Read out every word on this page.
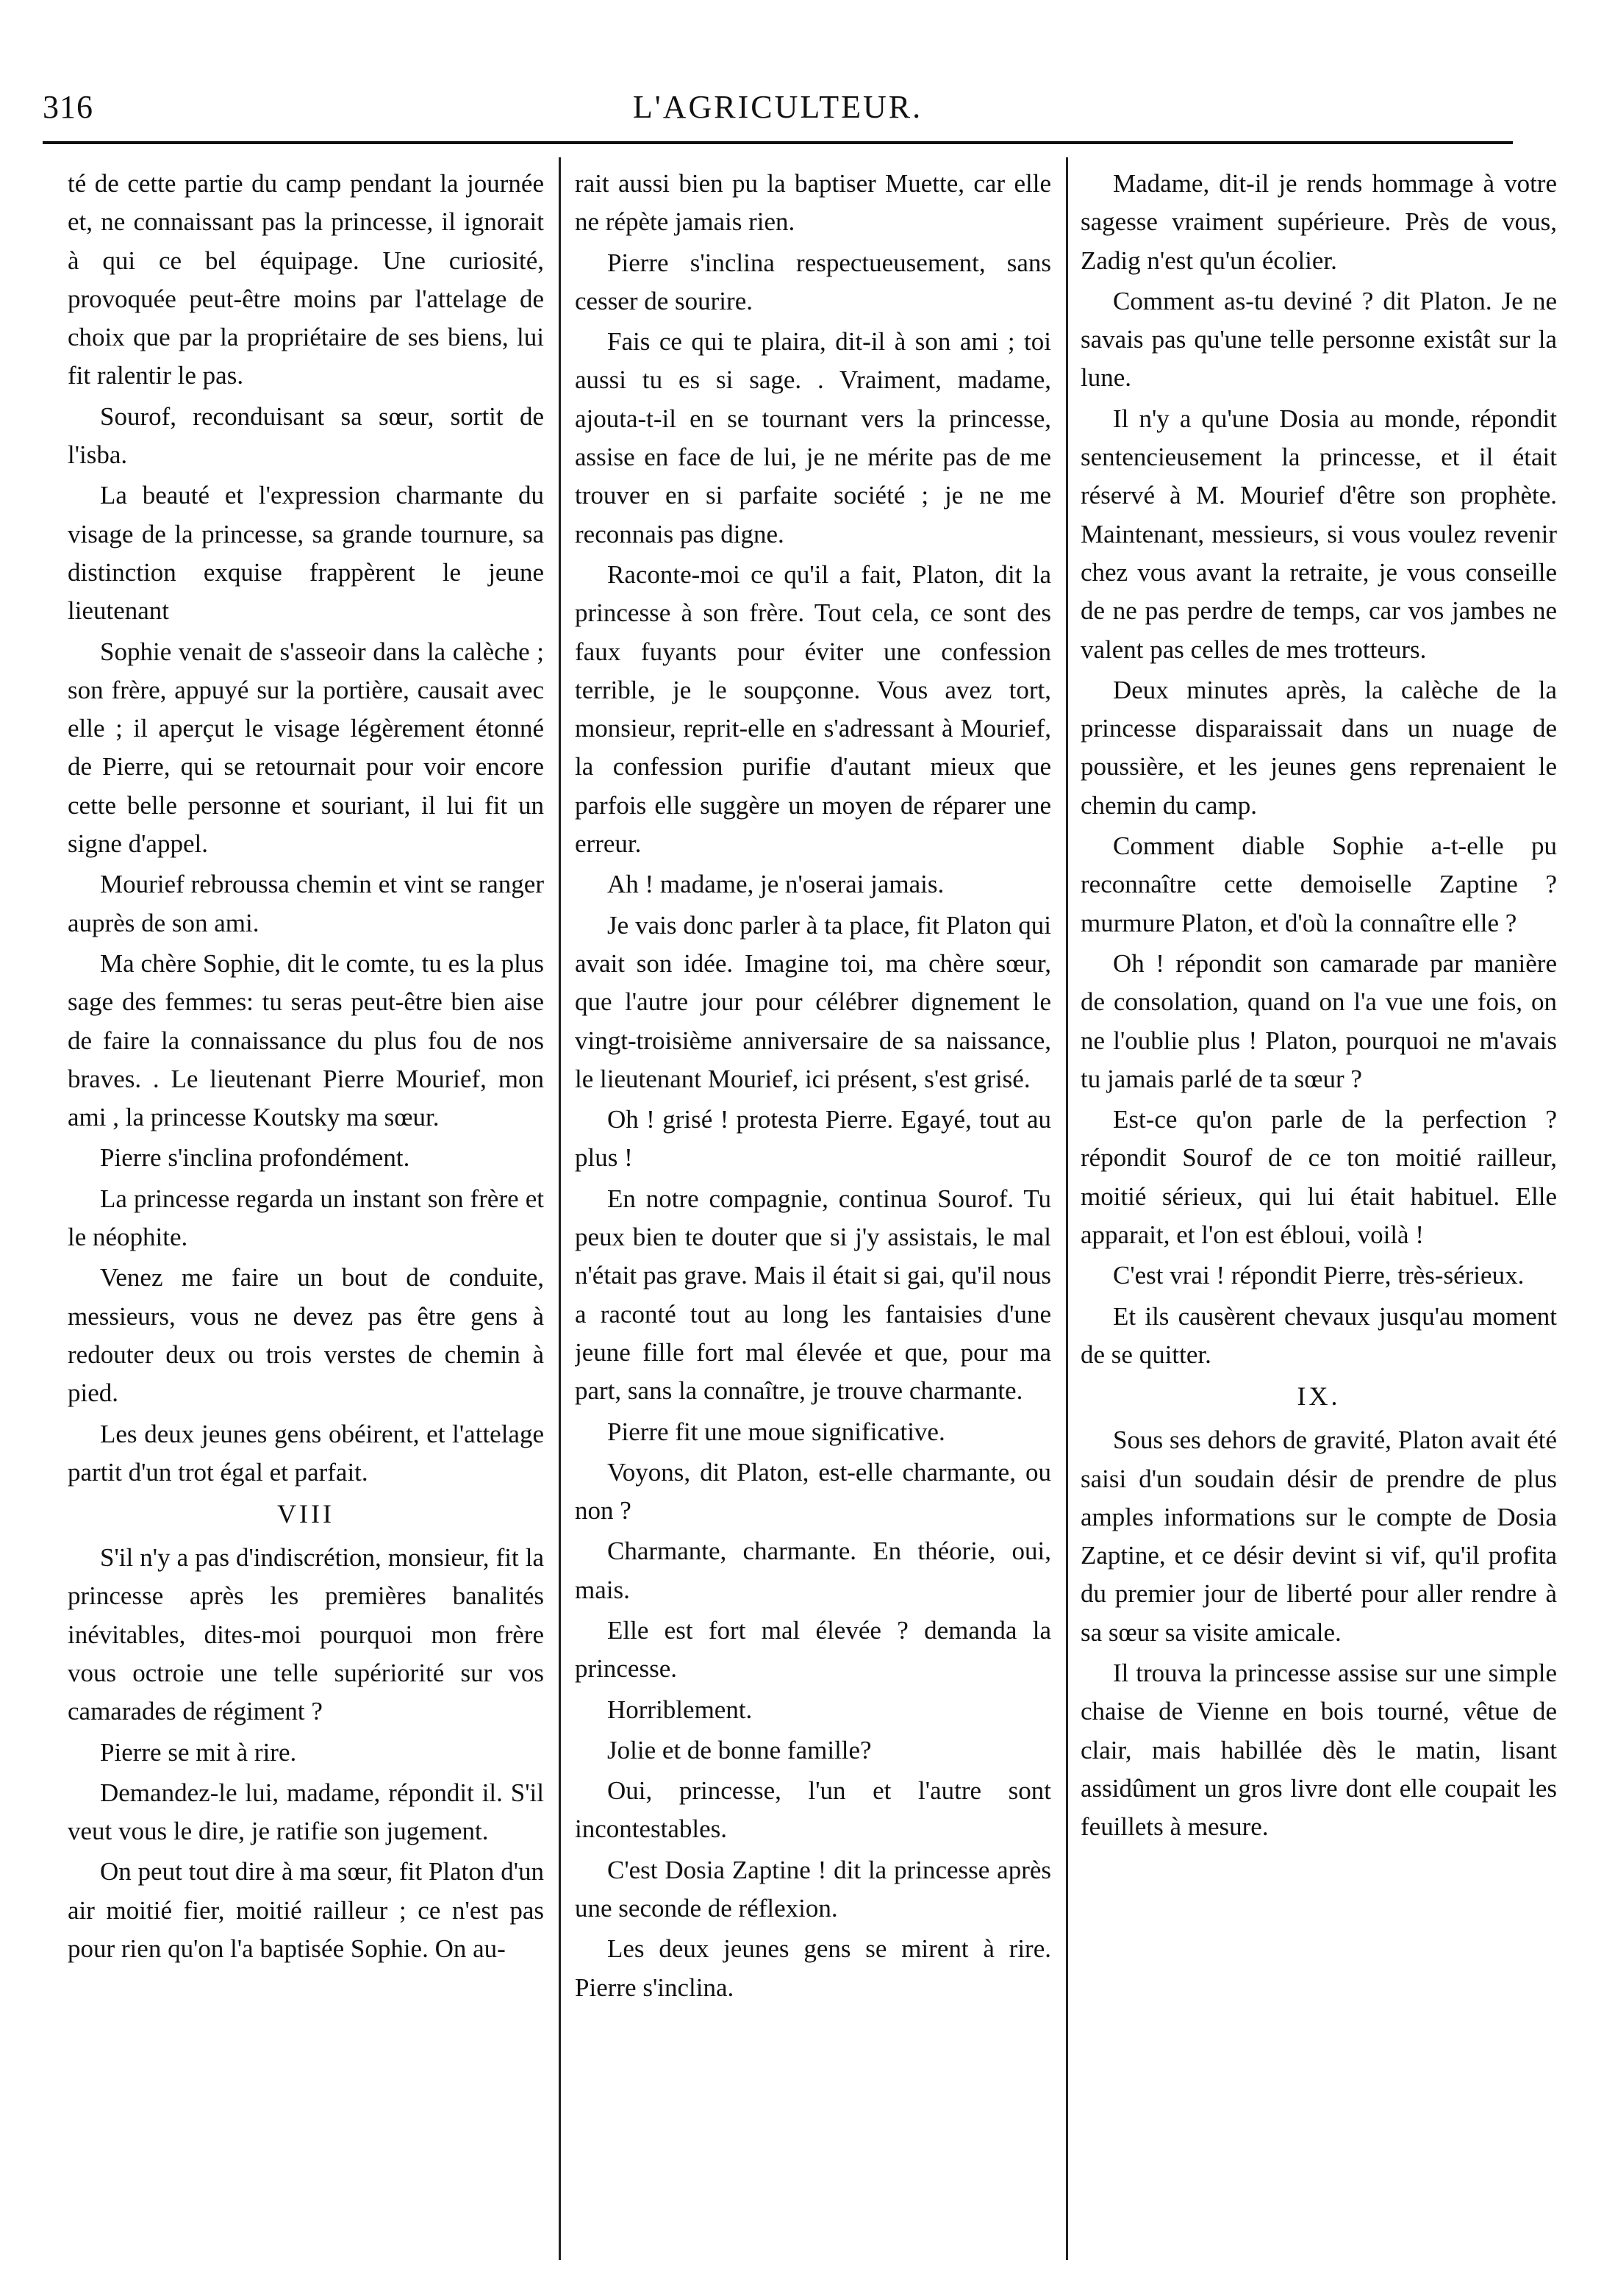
316	L'AGRICULTEUR.

té de cette partie du camp pendant la journée et, ne connaissant pas la princesse, il ignorait à qui ce bel équipage. Une curiosité, provoquée peut-être moins par l'attelage de choix que par la propriétaire de ses biens, lui fit ralentir le pas.

Sourof, reconduisant sa sœur, sortit de l'isba.

La beauté et l'expression charmante du visage de la princesse, sa grande tournure, sa distinction exquise frappèrent le jeune lieutenant

Sophie venait de s'asseoir dans la calèche ; son frère, appuyé sur la portière, causait avec elle ; il aperçut le visage légèrement étonné de Pierre, qui se retournait pour voir encore cette belle personne et souriant, il lui fit un signe d'appel.

Mourief rebroussa chemin et vint se ranger auprès de son ami.

Ma chère Sophie, dit le comte, tu es la plus sage des femmes: tu seras peut-être bien aise de faire la connaissance du plus fou de nos braves. . Le lieutenant Pierre Mourief, mon ami , la princesse Koutsky ma sœur.

Pierre s'inclina profondément.

La princesse regarda un instant son frère et le néophite.

Venez me faire un bout de conduite, messieurs, vous ne devez pas être gens à redouter deux ou trois verstes de chemin à pied.

Les deux jeunes gens obéirent, et l'attelage partit d'un trot égal et parfait.

VIII

S'il n'y a pas d'indiscrétion, monsieur, fit la princesse après les premières banalités inévitables, dites-moi pourquoi mon frère vous octroie une telle supériorité sur vos camarades de régiment ?

Pierre se mit à rire.

Demandez-le lui, madame, répondit il. S'il veut vous le dire, je ratifie son jugement.

On peut tout dire à ma sœur, fit Platon d'un air moitié fier, moitié railleur ; ce n'est pas pour rien qu'on l'a baptisée Sophie. On au-

rait aussi bien pu la baptiser Muette, car elle ne répète jamais rien.

Pierre s'inclina respectueusement, sans cesser de sourire.

Fais ce qui te plaira, dit-il à son ami ; toi aussi tu es si sage. . Vraiment, madame, ajouta-t-il en se tournant vers la princesse, assise en face de lui, je ne mérite pas de me trouver en si parfaite société ; je ne me reconnais pas digne.

Raconte-moi ce qu'il a fait, Platon, dit la princesse à son frère. Tout cela, ce sont des faux fuyants pour éviter une confession terrible, je le soupçonne. Vous avez tort, monsieur, reprit-elle en s'adressant à Mourief, la confession purifie d'autant mieux que parfois elle suggère un moyen de réparer une erreur.

Ah ! madame, je n'oserai jamais.

Je vais donc parler à ta place, fit Platon qui avait son idée. Imagine toi, ma chère sœur, que l'autre jour pour célébrer dignement le vingt-troisième anniversaire de sa naissance, le lieutenant Mourief, ici présent, s'est grisé.

Oh ! grisé ! protesta Pierre. Egayé, tout au plus !

En notre compagnie, continua Sourof. Tu peux bien te douter que si j'y assistais, le mal n'était pas grave. Mais il était si gai, qu'il nous a raconté tout au long les fantaisies d'une jeune fille fort mal élevée et que, pour ma part, sans la connaître, je trouve charmante.

Pierre fit une moue significative.

Voyons, dit Platon, est-elle charmante, ou non ?

Charmante, charmante. En théorie, oui, mais.

Elle est fort mal élevée ? demanda la princesse.

Horriblement.

Jolie et de bonne famille?

Oui, princesse, l'un et l'autre sont incontestables.

C'est Dosia Zaptine ! dit la princesse après une seconde de réflexion.

Les deux jeunes gens se mirent à rire. Pierre s'inclina.

Madame, dit-il je rends hommage à votre sagesse vraiment supérieure. Près de vous, Zadig n'est qu'un écolier.

Comment as-tu deviné ? dit Platon. Je ne savais pas qu'une telle personne existât sur la lune.

Il n'y a qu'une Dosia au monde, répondit sentencieusement la princesse, et il était réservé à M. Mourief d'être son prophète. Maintenant, messieurs, si vous voulez revenir chez vous avant la retraite, je vous conseille de ne pas perdre de temps, car vos jambes ne valent pas celles de mes trotteurs.

Deux minutes après, la calèche de la princesse disparaissait dans un nuage de poussière, et les jeunes gens reprenaient le chemin du camp.

Comment diable Sophie a-t-elle pu reconnaître cette demoiselle Zaptine ? murmure Platon, et d'où la connaître elle ?

Oh ! répondit son camarade par manière de consolation, quand on l'a vue une fois, on ne l'oublie plus ! Platon, pourquoi ne m'avais tu jamais parlé de ta sœur ?

Est-ce qu'on parle de la perfection ? répondit Sourof de ce ton moitié railleur, moitié sérieux, qui lui était habituel. Elle apparait, et l'on est ébloui, voilà !

C'est vrai ! répondit Pierre, très-sérieux.

Et ils causèrent chevaux jusqu'au moment de se quitter.

IX.

Sous ses dehors de gravité, Platon avait été saisi d'un soudain désir de prendre de plus amples informations sur le compte de Dosia Zaptine, et ce désir devint si vif, qu'il profita du premier jour de liberté pour aller rendre à sa sœur sa visite amicale.

Il trouva la princesse assise sur une simple chaise de Vienne en bois tourné, vêtue de clair, mais habillée dès le matin, lisant assidûment un gros livre dont elle coupait les feuillets à mesure.
